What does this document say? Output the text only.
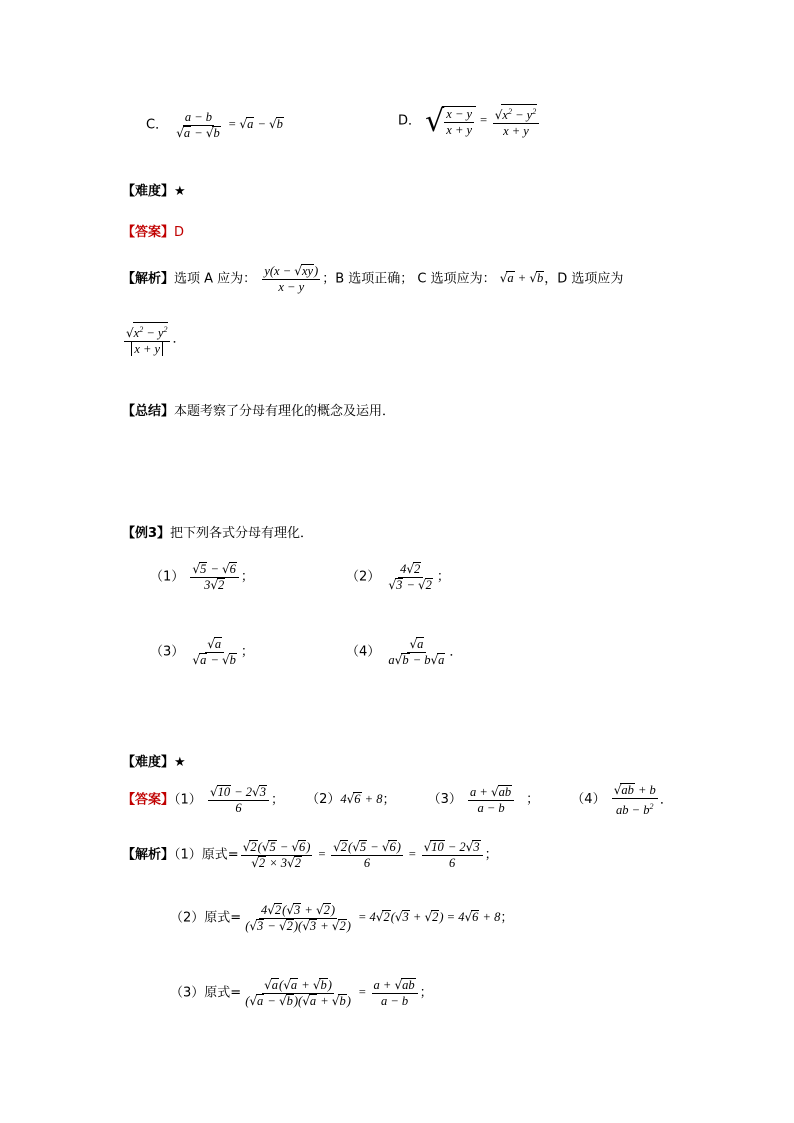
C． $\frac{a - b}{√a - √b} = √a - √b$	D． √ $\frac{x - y}{x + y} = \frac{√x^2 - y^2}{x + y}$
【难度】★
【答案】D
【解析】选项 A 应为： $\frac{y(x - √xy)}{x - y}$ ；B 选项正确； C 选项应为： √a + √b，D 选项应为
$\frac{√x^2 - y^2}{x + y}$ ．
【总结】本题考察了分母有理化的概念及运用．
【例3】把下列各式分母有理化．
$(1) \frac{√5 - √6}{3√2}$ ；	$(2) \frac{4√2}{√3 - √2}$ ；
$(3) \frac{√a}{√a - √b}$ ；	$(4) \frac{√a}{a√b - b√a}$ ．
【难度】★
【答案】$(1) \frac{√10 - 2√3}{6}$ ； （2）4√6 + 8； $(3) \frac{a + √ab}{a - b}$ ； $(4) \frac{√ab + b}{ab - b^2}$ ．
【解析】（1）原式= $\frac{√2(√5 - √6)}{√2 \times 3√2} = \frac{√2(√5 - √6)}{6} = \frac{√10 - 2√3}{6}$ ；
（2）原式= $\frac{4√2(√3 + √2)}{(√3 - √2)(√3 + √2)} = 4√2(√3 + √2) = 4√6 + 8$；
（3）原式= $\frac{√a(√a + √b)}{(√a - √b)(√a + √b)} = \frac{a + √ab}{a - b}$ ；
